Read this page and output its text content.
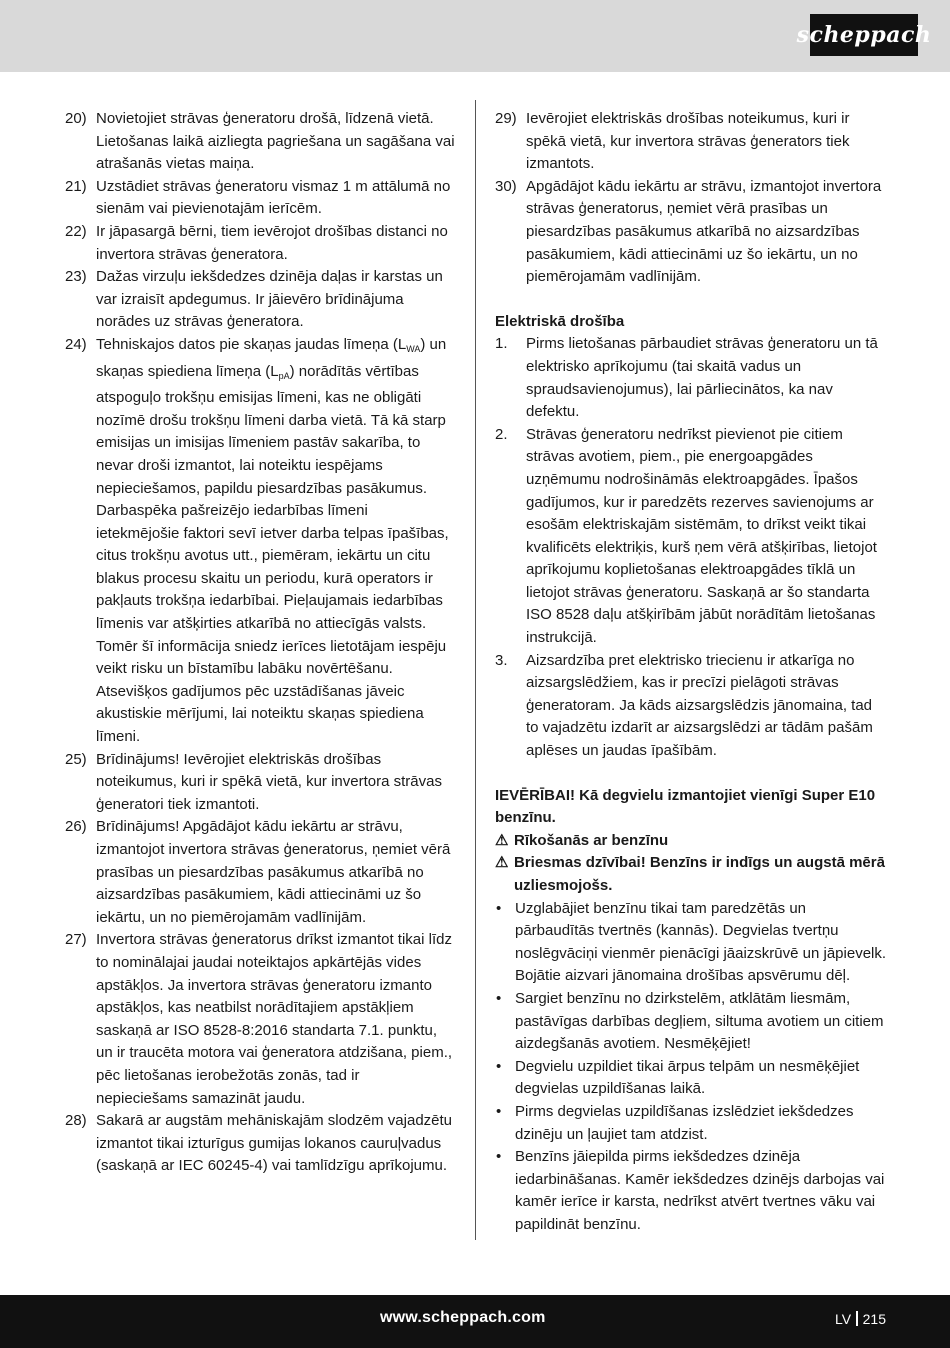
scheppach
20) Novietojiet strāvas ģeneratoru drošā, līdzenā vietā. Lietošanas laikā aizliegta pagriešana un sagāšana vai atrašanās vietas maiņa.
21) Uzstādiet strāvas ģeneratoru vismaz 1 m attālumā no sienām vai pievienotajām ierīcēm.
22) Ir jāpasargā bērni, tiem ievērojot drošības distanci no invertora strāvas ģeneratora.
23) Dažas virzuļu iekšdedzes dzinēja daļas ir karstas un var izraisīt apdegumus. Ir jāievēro brīdinājuma norādes uz strāvas ģeneratora.
24) Tehniskajos datos pie skaņas jaudas līmeņa $(L_{WA})$ un skaņas spiediena līmeņa $(L_{pA})$ norādītās vērtības atspoguļo trokšņu emisijas līmeni, kas ne obligāti nozīmē drošu trokšņu līmeni darba vietā. Tā kā starp emisijas un imisijas līmeniem pastāv sakarība, to nevar droši izmantot, lai noteiktu iespējams nepieciešamos, papildu piesardzības pasākumus. Darbaspēka pašreizējo iedarbības līmeni ietekmējošie faktori sevī ietver darba telpas īpašības, citus trokšņu avotus utt., piemēram, iekārtu un citu blakus procesu skaitu un periodu, kurā operators ir pakļauts trokšņa iedarbībai. Pieļaujamais iedarbības līmenis var atšķirties atkarībā no attiecīgās valsts. Tomēr šī informācija sniedz ierīces lietotājam iespēju veikt risku un bīstamību labāku novērtēšanu. Atsevišķos gadījumos pēc uzstādīšanas jāveic akustiskie mērījumi, lai noteiktu skaņas spiediena līmeni.
25) Brīdinājums! Ievērojiet elektriskās drošības noteikumus, kuri ir spēkā vietā, kur invertora strāvas ģeneratori tiek izmantoti.
26) Brīdinājums! Apgādājot kādu iekārtu ar strāvu, izmantojot invertora strāvas ģeneratorus, ņemiet vērā prasības un piesardzības pasākumus atkarībā no aizsardzības pasākumiem, kādi attiecināmi uz šo iekārtu, un no piemērojamām vadlīnijām.
27) Invertora strāvas ģeneratorus drīkst izmantot tikai līdz to nominālajai jaudai noteiktajos apkārtējās vides apstākļos. Ja invertora strāvas ģeneratoru izmanto apstākļos, kas neatbilst norādītajiem apstākļiem saskaņā ar ISO 8528-8:2016 standarta 7.1. punktu, un ir traucēta motora vai ģeneratora atdzišana, piem., pēc lietošanas ierobežotās zonās, tad ir nepieciešams samazināt jaudu.
28) Sakarā ar augstām mehāniskajām slodzēm vajadzētu izmantot tikai izturīgus gumijas lokanos cauruļvadus (saskaņā ar IEC 60245-4) vai tamlīdzīgu aprīkojumu.
29) Ievērojiet elektriskās drošības noteikumus, kuri ir spēkā vietā, kur invertora strāvas ģenerators tiek izmantots.
30) Apgādājot kādu iekārtu ar strāvu, izmantojot invertora strāvas ģeneratorus, ņemiet vērā prasības un piesardzības pasākumus atkarībā no aizsardzības pasākumiem, kādi attiecināmi uz šo iekārtu, un no piemērojamām vadlīnijām.
Elektriskā drošība
1.	Pirms lietošanas pārbaudiet strāvas ģeneratoru un tā elektrisko aprīkojumu (tai skaitā vadus un spraudsavienojumus), lai pārliecinātos, ka nav defektu.
2.	Strāvas ģeneratoru nedrīkst pievienot pie citiem strāvas avotiem, piem., pie energoapgādes uzņēmumu nodrošināmās elektroapgādes. Īpašos gadījumos, kur ir paredzēts rezerves savienojums ar esošām elektriskajām sistēmām, to drīkst veikt tikai kvalificēts elektriķis, kurš ņem vērā atšķirības, lietojot aprīkojumu koplietošanas elektroapgādes tīklā un lietojot strāvas ģeneratoru. Saskaņā ar šo standarta ISO 8528 daļu atšķirībām jābūt norādītām lietošanas instrukcijā.
3.	Aizsardzība pret elektrisko triecienu ir atkarīga no aizsargslēdžiem, kas ir precīzi pielāgoti strāvas ģeneratoram. Ja kāds aizsargslēdzis jānomaina, tad to vajadzētu izdarīt ar aizsargslēdzi ar tādām pašām aplēses un jaudas īpašībām.
IEVĒRĪBAI! Kā degvielu izmantojiet vienīgi Super E10 benzīnu.
⚠ Rīkošanās ar benzīnu
⚠ Briesmas dzīvībai! Benzīns ir indīgs un augstā mērā uzliesmojošs.
• Uzglabājiet benzīnu tikai tam paredzētās un pārbaudītās tvertnēs (kannās). Degvielas tvertņu noslēgvāciņi vienmēr pienācīgi jāaizskrūvē un jāpievelk. Bojātie aizvari jānomaina drošības apsvērumu dēļ.
• Sargiet benzīnu no dzirkstelēm, atklātām liesmām, pastāvīgas darbības degļiem, siltuma avotiem un citiem aizdegšanās avotiem. Nesmēķējiet!
• Degvielu uzpildiet tikai ārpus telpām un nesmēķējiet degvielas uzpildīšanas laikā.
• Pirms degvielas uzpildīšanas izslēdziet iekšdedzes dzinēju un ļaujiet tam atdzist.
• Benzīns jāiepilda pirms iekšdedzes dzinēja iedarbināšanas. Kamēr iekšdedzes dzinējs darbojas vai kamēr ierīce ir karsta, nedrīkst atvērt tvertnes vāku vai papildināt benzīnu.
www.scheppach.com	LV 215
